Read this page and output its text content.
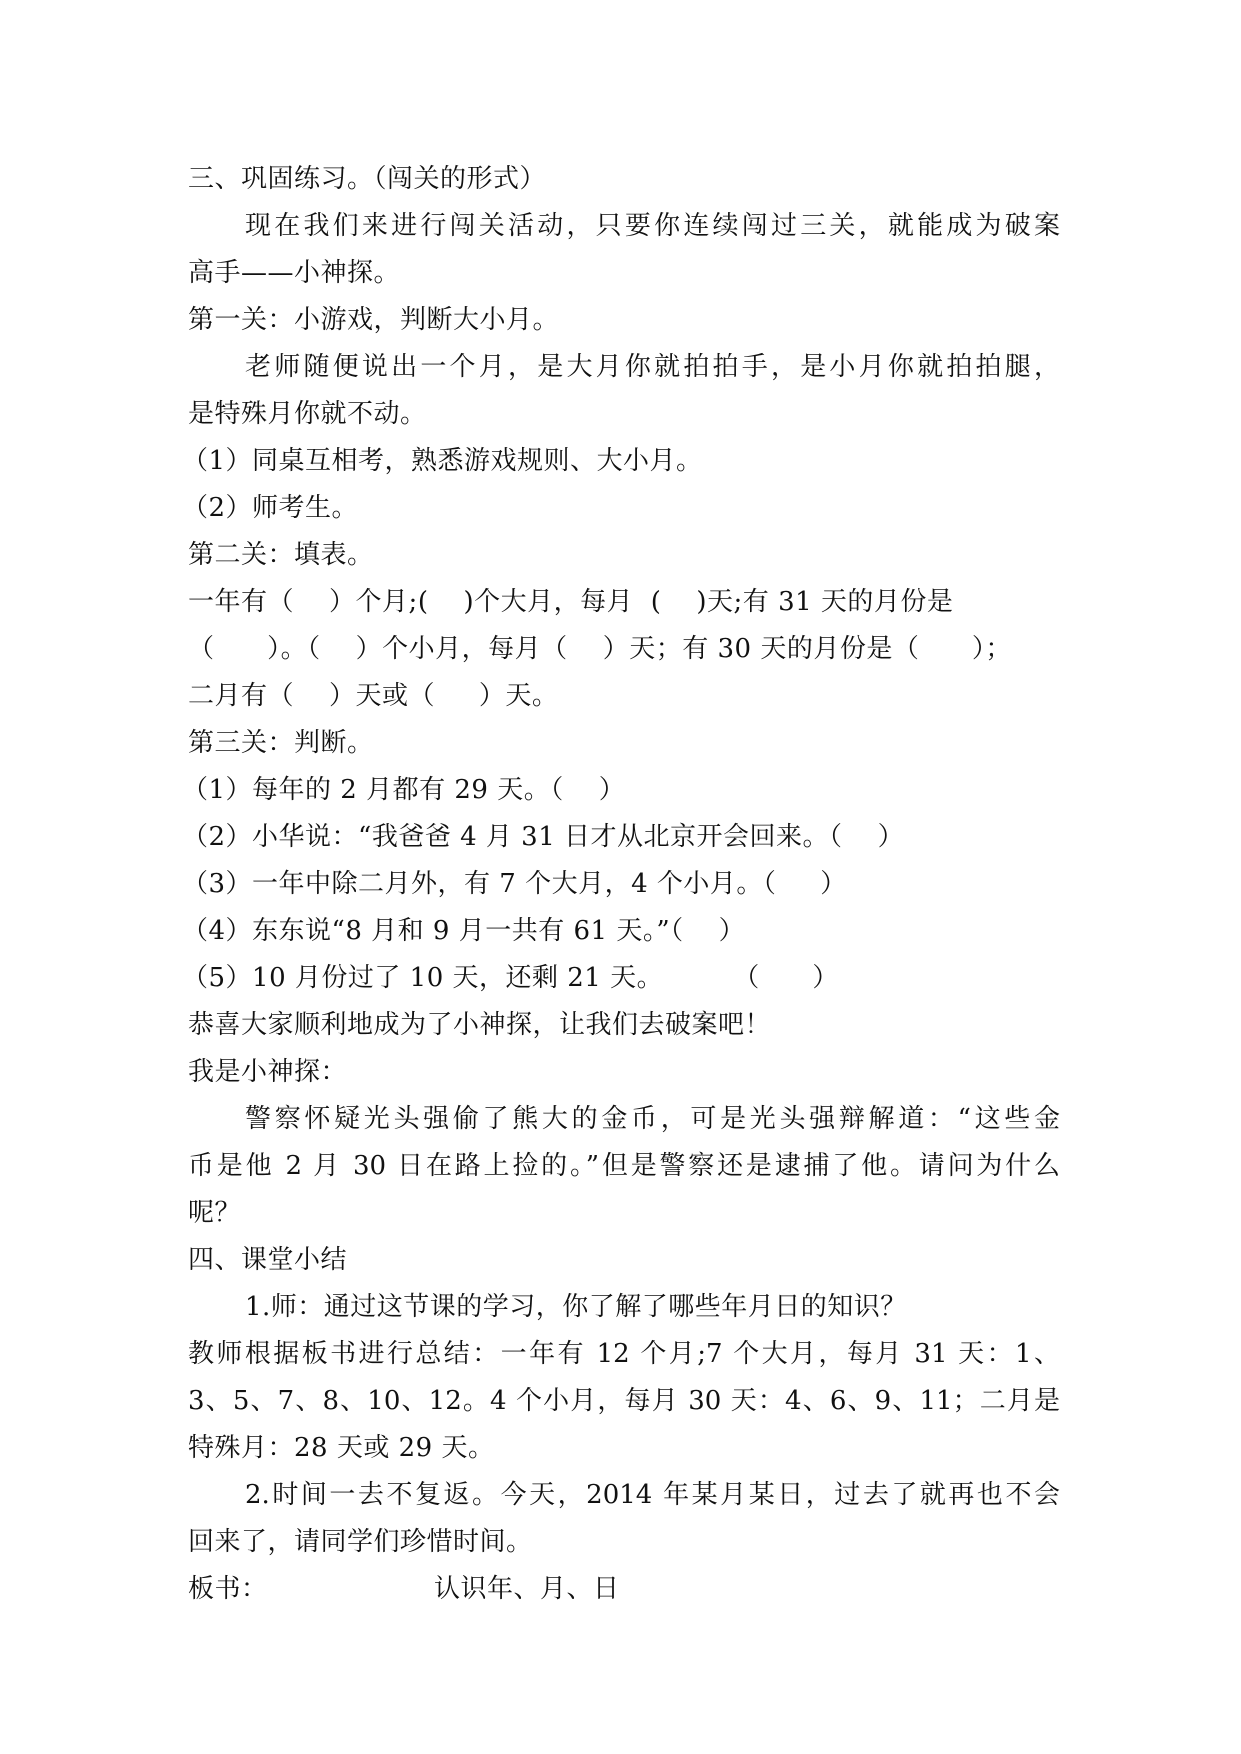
三、巩固练习。（闯关的形式）
现在我们来进行闯关活动，只要你连续闯过三关，就能成为破案
高手——小神探。
第一关：小游戏，判断大小月。
老师随便说出一个月，是大月你就拍拍手，是小月你就拍拍腿，
是特殊月你就不动。
（1）同桌互相考，熟悉游戏规则、大小月。
（2）师考生。
第二关：填表。
一年有（    ）个月;(    )个大月，每月  (    )天;有 31 天的月份是
（      ）。（    ）个小月，每月（    ）天；有 30 天的月份是（      ）；
二月有（    ）天或（     ）天。
第三关：判断。
（1）每年的 2 月都有 29 天。（    ）
（2）小华说：“我爸爸 4 月 31 日才从北京开会回来。（    ）
（3）一年中除二月外，有 7 个大月，4 个小月。（     ）
（4）东东说“8 月和 9 月一共有 61 天。”（    ）
（5）10 月份过了 10 天，还剩 21 天。        （      ）
恭喜大家顺利地成为了小神探，让我们去破案吧！
我是小神探：
警察怀疑光头强偷了熊大的金币，可是光头强辩解道：“这些金
币是他 2 月 30 日在路上捡的。”但是警察还是逮捕了他。请问为什么
呢？
四、课堂小结
1.师：通过这节课的学习，你了解了哪些年月日的知识？
教师根据板书进行总结：一年有 12 个月;7 个大月，每月 31 天：1、
3、5、7、8、10、12。4 个小月，每月 30 天：4、6、9、11；二月是
特殊月：28 天或 29 天。
2.时间一去不复返。今天，2014 年某月某日，过去了就再也不会
回来了，请同学们珍惜时间。
板书：                   认识年、月、日
